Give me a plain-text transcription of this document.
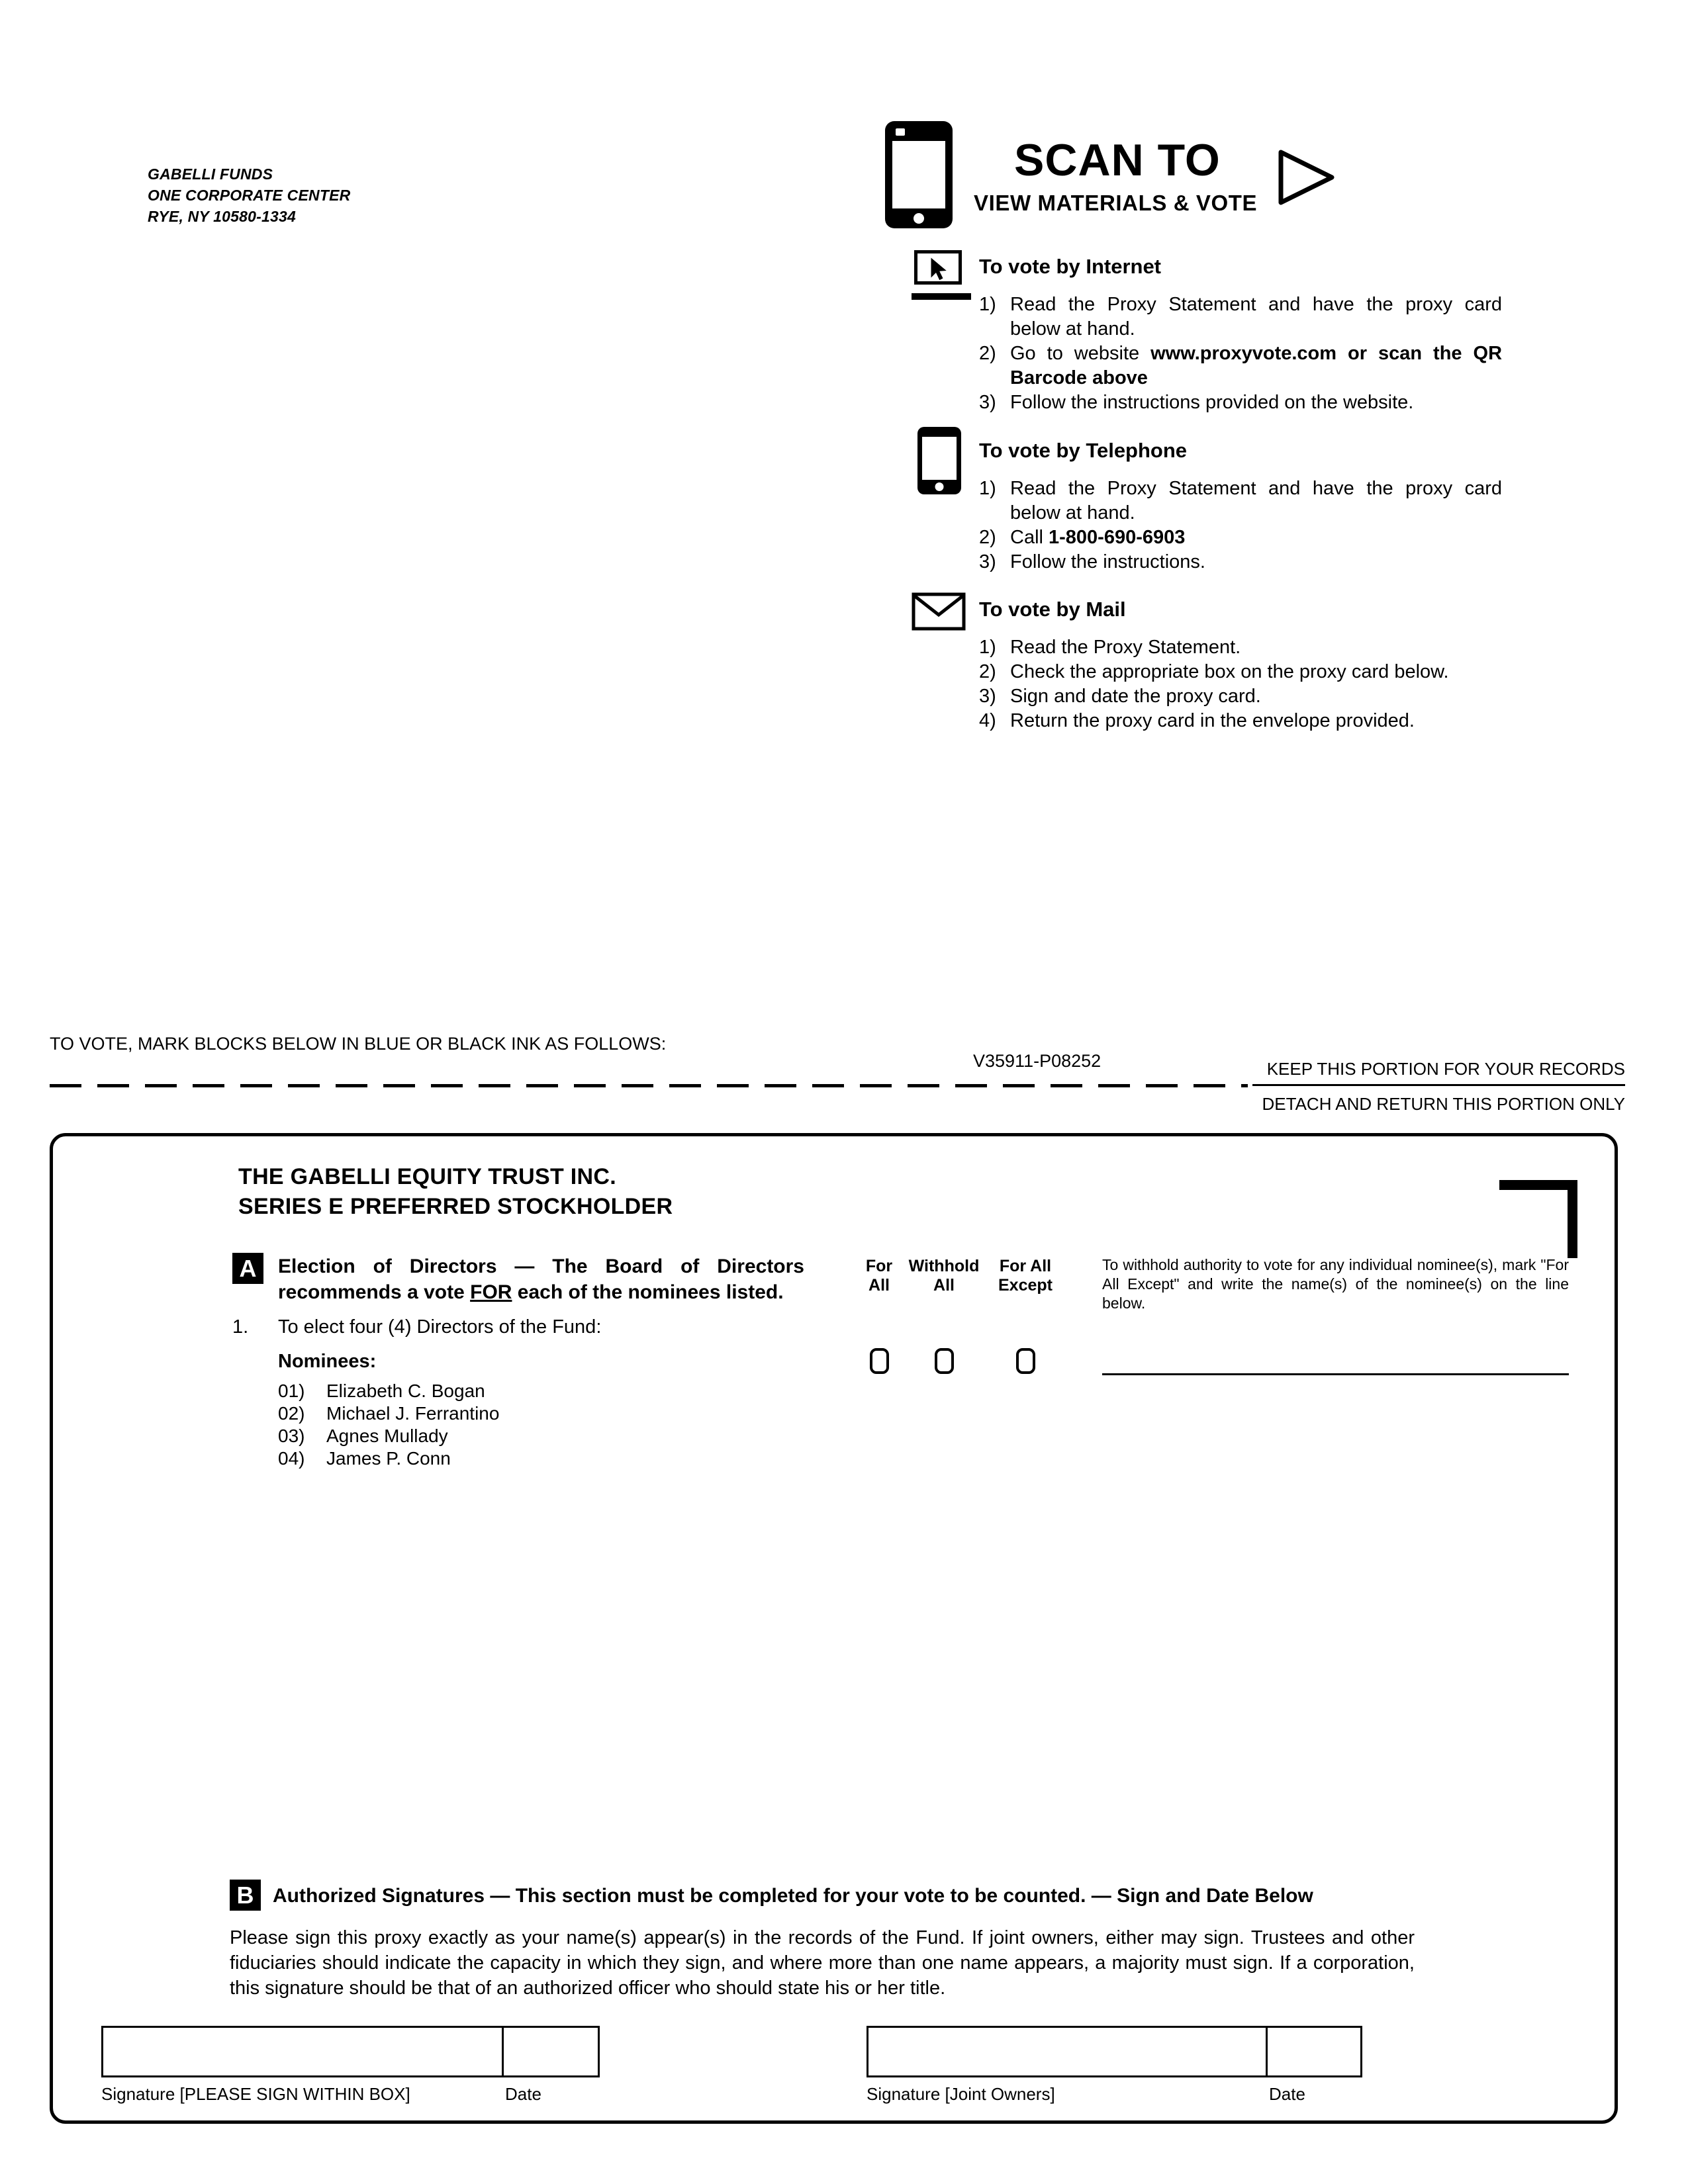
GABELLI FUNDS
ONE CORPORATE CENTER
RYE, NY 10580-1334
SCAN TO
VIEW MATERIALS & VOTE
To vote by Internet
1) Read the Proxy Statement and have the proxy card below at hand.
2) Go to website www.proxyvote.com or scan the QR Barcode above
3) Follow the instructions provided on the website.
To vote by Telephone
1) Read the Proxy Statement and have the proxy card below at hand.
2) Call 1-800-690-6903
3) Follow the instructions.
To vote by Mail
1) Read the Proxy Statement.
2) Check the appropriate box on the proxy card below.
3) Sign and date the proxy card.
4) Return the proxy card in the envelope provided.
TO VOTE, MARK BLOCKS BELOW IN BLUE OR BLACK INK AS FOLLOWS:
V35911-P08252	KEEP THIS PORTION FOR YOUR RECORDS
DETACH AND RETURN THIS PORTION ONLY
THE GABELLI EQUITY TRUST INC.
SERIES E PREFERRED STOCKHOLDER
A	Election of Directors — The Board of Directors recommends a vote FOR each of the nominees listed.
For
All
Withhold
All
For All
Except
To withhold authority to vote for any individual nominee(s), mark "For All Except" and write the name(s) of the nominee(s) on the line below.
1. To elect four (4) Directors of the Fund:
Nominees:
01)	Elizabeth C. Bogan
02)	Michael J. Ferrantino
03)	Agnes Mullady
04)	James P. Conn
B Authorized Signatures — This section must be completed for your vote to be counted. — Sign and Date Below
Please sign this proxy exactly as your name(s) appear(s) in the records of the Fund. If joint owners, either may sign. Trustees and other fiduciaries should indicate the capacity in which they sign, and where more than one name appears, a majority must sign. If a corporation, this signature should be that of an authorized officer who should state his or her title.
Signature [PLEASE SIGN WITHIN BOX]	Date	Signature [Joint Owners]	Date
